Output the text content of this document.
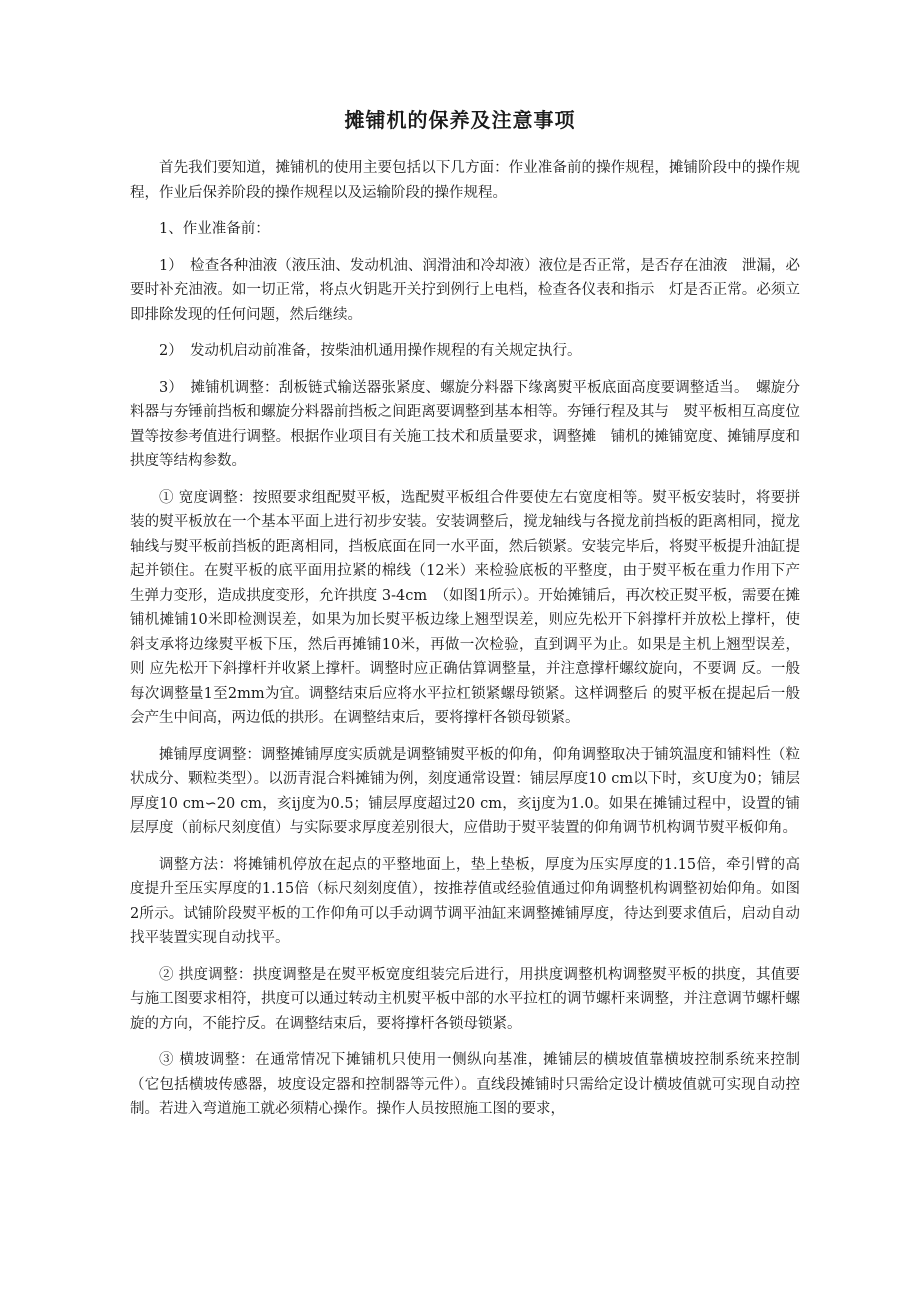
摊铺机的保养及注意事项

首先我们要知道，摊铺机的使用主要包括以下几方面：作业准备前的操作规程，摊铺阶段中的操作规程，作业后保养阶段的操作规程以及运输阶段的操作规程。

1、作业准备前：

1）　检查各种油液（液压油、发动机油、润滑油和冷却液）液位是否正常，是否存在油液　泄漏，必要时补充油液。如一切正常，将点火钥匙开关拧到例行上电档，检查各仪表和指示　灯是否正常。必须立即排除发现的任何问题，然后继续。

2）　发动机启动前准备，按柴油机通用操作规程的有关规定执行。

3）　摊铺机调整：刮板链式输送器张紧度、螺旋分料器下缘离熨平板底面高度要调整适当。　螺旋分料器与夯锤前挡板和螺旋分料器前挡板之间距离要调整到基本相等。夯锤行程及其与　熨平板相互高度位置等按参考值进行调整。根据作业项目有关施工技术和质量要求，调整摊　铺机的摊铺宽度、摊铺厚度和拱度等结构参数。

① 宽度调整：按照要求组配熨平板，选配熨平板组合件要使左右宽度相等。熨平板安装时，将要拼装的熨平板放在一个基本平面上进行初步安装。安装调整后，搅龙轴线与各搅龙前挡板的距离相同，搅龙轴线与熨平板前挡板的距离相同，挡板底面在同一水平面，然后锁紧。安装完毕后，将熨平板提升油缸提起并锁住。在熨平板的底平面用拉紧的棉线（12米）来检验底板的平整度，由于熨平板在重力作用下产生弹力变形，造成拱度变形，允许拱度 3-4cm　（如图1所示）。开始摊铺后，再次校正熨平板，需要在摊铺机摊铺10米即检测误差，如果为加长熨平板边缘上翘型误差，则应先松开下斜撑杆并放松上撑杆，使斜支承将边缘熨平板下压，然后再摊铺10米，再做一次检验，直到调平为止。如果是主机上翘型误差，则 应先松开下斜撑杆并收紧上撑杆。调整时应正确估算调整量，并注意撑杆螺纹旋向，不要调 反。一般每次调整量1至2mm为宜。调整结束后应将水平拉杠锁紧螺母锁紧。这样调整后 的熨平板在提起后一般会产生中间高，两边低的拱形。在调整结束后，要将撑杆各锁母锁紧。

摊铺厚度调整：调整摊铺厚度实质就是调整铺熨平板的仰角，仰角调整取决于铺筑温度和铺料性（粒状成分、颗粒类型）。以沥青混合料摊铺为例，刻度通常设置：铺层厚度10 cm以下时，亥U度为0；铺层厚度10 cm∽20 cm，亥ij度为0.5；铺层厚度超过20 cm，亥ij度为1.0。如果在摊铺过程中，设置的铺层厚度（前标尺刻度值）与实际要求厚度差别很大，应借助于熨平装置的仰角调节机构调节熨平板仰角。

调整方法：将摊铺机停放在起点的平整地面上，垫上垫板，厚度为压实厚度的1.15倍，牵引臂的高度提升至压实厚度的1.15倍（标尺刻刻度值），按推荐值或经验值通过仰角调整机构调整初始仰角。如图2所示。试铺阶段熨平板的工作仰角可以手动调节调平油缸来调整摊铺厚度，待达到要求值后，启动自动找平装置实现自动找平。

② 拱度调整：拱度调整是在熨平板宽度组装完后进行，用拱度调整机构调整熨平板的拱度，其值要与施工图要求相符，拱度可以通过转动主机熨平板中部的水平拉杠的调节螺杆来调整，并注意调节螺杆螺旋的方向，不能拧反。在调整结束后，要将撑杆各锁母锁紧。

③ 横坡调整：在通常情况下摊铺机只使用一侧纵向基准，摊铺层的横坡值靠横坡控制系统来控制（它包括横坡传感器，坡度设定器和控制器等元件）。直线段摊铺时只需给定设计横坡值就可实现自动控制。若进入弯道施工就必须精心操作。操作人员按照施工图的要求，
